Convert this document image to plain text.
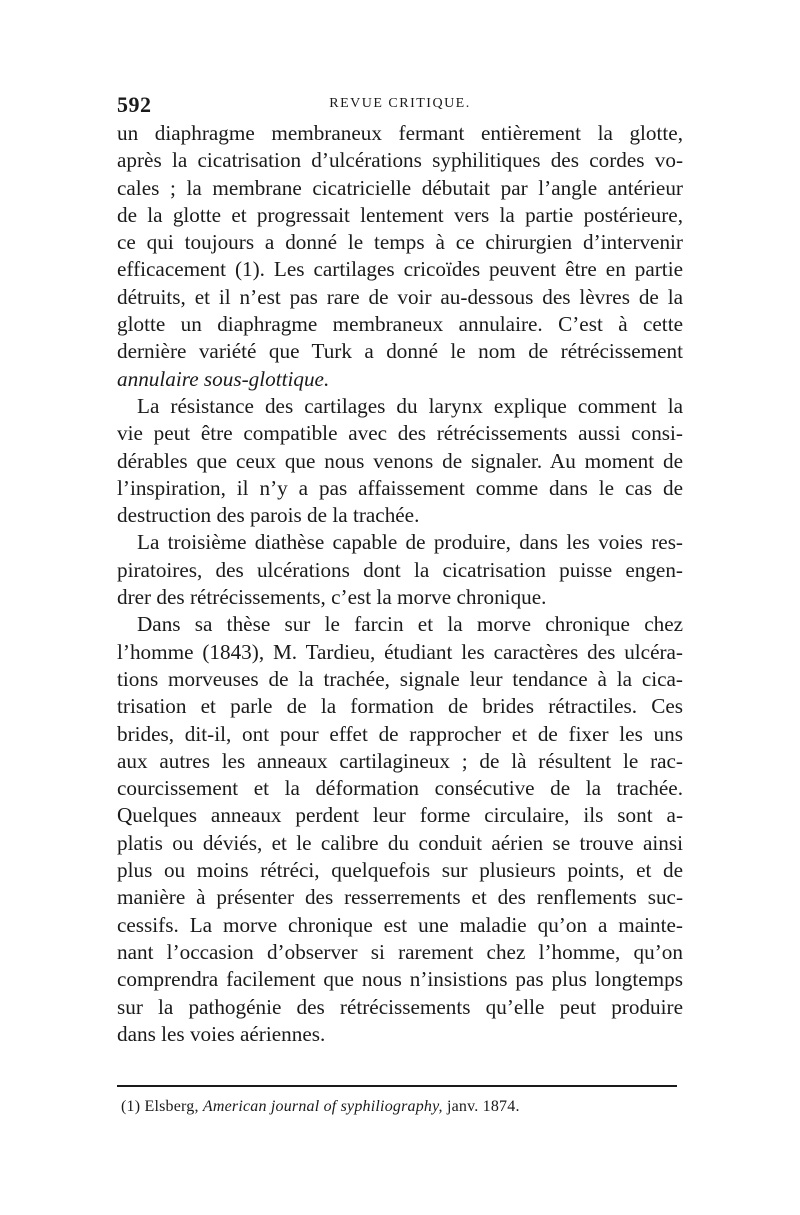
592	REVUE CRITIQUE.
un diaphragme membraneux fermant entièrement la glotte,
après la cicatrisation d’ulcérations syphilitiques des cordes vo-
cales ; la membrane cicatricielle débutait par l’angle antérieur
de la glotte et progressait lentement vers la partie postérieure,
ce qui toujours a donné le temps à ce chirurgien d’intervenir
efficacement (1). Les cartilages cricoïdes peuvent être en partie
détruits, et il n’est pas rare de voir au-dessous des lèvres de la
glotte un diaphragme membraneux annulaire. C’est à cette
dernière variété que Turk a donné le nom de rétrécissement
annulaire sous-glottique.
La résistance des cartilages du larynx explique comment la
vie peut être compatible avec des rétrécissements aussi consi-
dérables que ceux que nous venons de signaler. Au moment de
l’inspiration, il n’y a pas affaissement comme dans le cas de
destruction des parois de la trachée.
La troisième diathèse capable de produire, dans les voies res-
piratoires, des ulcérations dont la cicatrisation puisse engen-
drer des rétrécissements, c’est la morve chronique.
Dans sa thèse sur le farcin et la morve chronique chez
l’homme (1843), M. Tardieu, étudiant les caractères des ulcéra-
tions morveuses de la trachée, signale leur tendance à la cica-
trisation et parle de la formation de brides rétractiles. Ces
brides, dit-il, ont pour effet de rapprocher et de fixer les uns
aux autres les anneaux cartilagineux ; de là résultent le rac-
courcissement et la déformation consécutive de la trachée.
Quelques anneaux perdent leur forme circulaire, ils sont a-
platis ou déviés, et le calibre du conduit aérien se trouve ainsi
plus ou moins rétréci, quelquefois sur plusieurs points, et de
manière à présenter des resserrements et des renflements suc-
cessifs. La morve chronique est une maladie qu’on a mainte-
nant l’occasion d’observer si rarement chez l’homme, qu’on
comprendra facilement que nous n’insistions pas plus longtemps
sur la pathogénie des rétrécissements qu’elle peut produire
dans les voies aériennes.
(1) Elsberg, American journal of syphiliography, janv. 1874.
